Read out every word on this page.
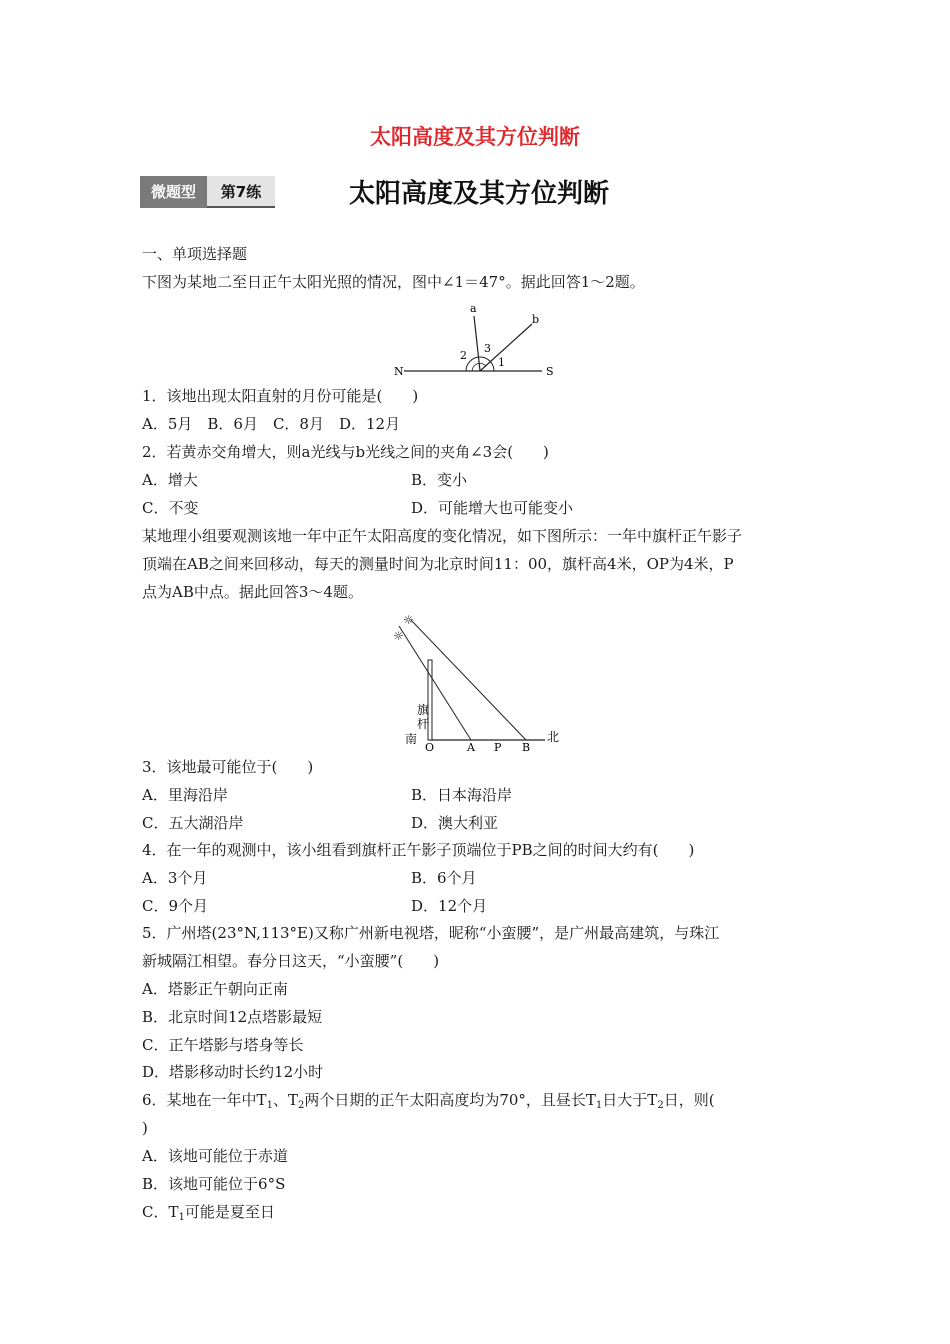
太阳高度及其方位判断
微题型	第7练	太阳高度及其方位判断
一、单项选择题
下图为某地二至日正午太阳光照的情况，图中∠1＝47°。据此回答1～2题。
a
b
1
2
3
N	S
1．该地出现太阳直射的月份可能是(　　)
A．5月　B．6月　C．8月　D．12月
2．若黄赤交角增大，则a光线与b光线之间的夹角∠3会(　　)
A．增大	B．变小
C．不变	D．可能增大也可能变小
某地理小组要观测该地一年中正午太阳高度的变化情况，如下图所示：一年中旗杆正午影子
顶端在AB之间来回移动，每天的测量时间为北京时间11：00，旗杆高4米，OP为4米，P
点为AB中点。据此回答3～4题。
☼
☼
旗
杆
南	北
O	A P B
3．该地最可能位于(　　)
A．里海沿岸	B．日本海沿岸
C．五大湖沿岸	D．澳大利亚
4．在一年的观测中，该小组看到旗杆正午影子顶端位于PB之间的时间大约有(　　)
A．3个月	B．6个月
C．9个月	D．12个月
5．广州塔(23°N,113°E)又称广州新电视塔，昵称“小蛮腰”，是广州最高建筑，与珠江
新城隔江相望。春分日这天，“小蛮腰”(　　)
A．塔影正午朝向正南
B．北京时间12点塔影最短
C．正午塔影与塔身等长
D．塔影移动时长约12小时
6．某地在一年中$T_1$、$T_2$两个日期的正午太阳高度均为70°，且昼长$T_1$日大于$T_2$日，则(
)
A．该地可能位于赤道
B．该地可能位于6°S
C．$T_1$可能是夏至日
